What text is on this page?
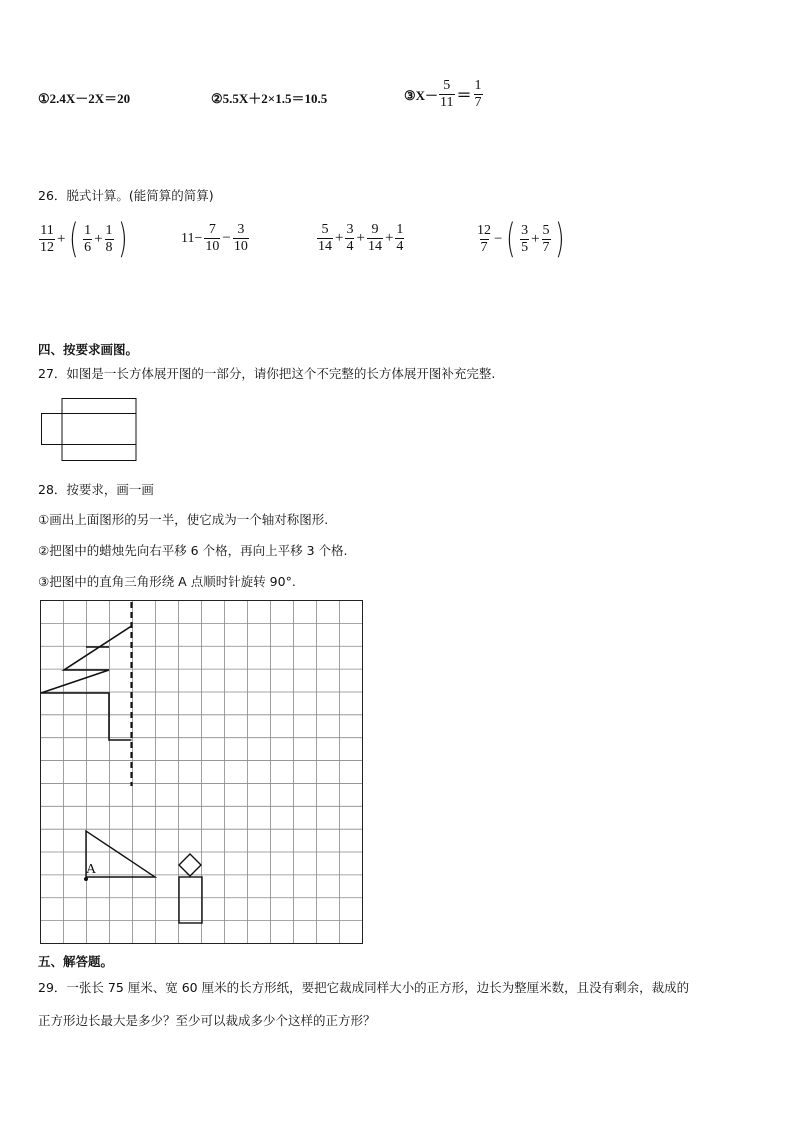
①2.4X－2X＝20	②5.5X＋2×1.5＝10.5	③X－ $\frac{5}{11} = \frac{1}{7}$
26．脱式计算。(能简算的简算)
$\frac{11}{12}$ + ( $\frac{1}{6} + \frac{1}{8}$ )	$11- \frac{7}{10} - \frac{3}{10}$	$\frac{5}{14} + \frac{3}{4} + \frac{9}{14} + \frac{1}{4}$	$\frac{12}{7}$ − ( $\frac{3}{5} + \frac{5}{7}$ )
四、按要求画图。
27．如图是一长方体展开图的一部分，请你把这个不完整的长方体展开图补充完整.
28．按要求，画一画
①画出上面图形的另一半，使它成为一个轴对称图形.
②把图中的蜡烛先向右平移 6 个格，再向上平移 3 个格.
③把图中的直角三角形绕 A 点顺时针旋转 90°.
A
五、解答题。
29．一张长 75 厘米、宽 60 厘米的长方形纸，要把它裁成同样大小的正方形，边长为整厘米数，且没有剩余，裁成的
正方形边长最大是多少？至少可以裁成多少个这样的正方形？
